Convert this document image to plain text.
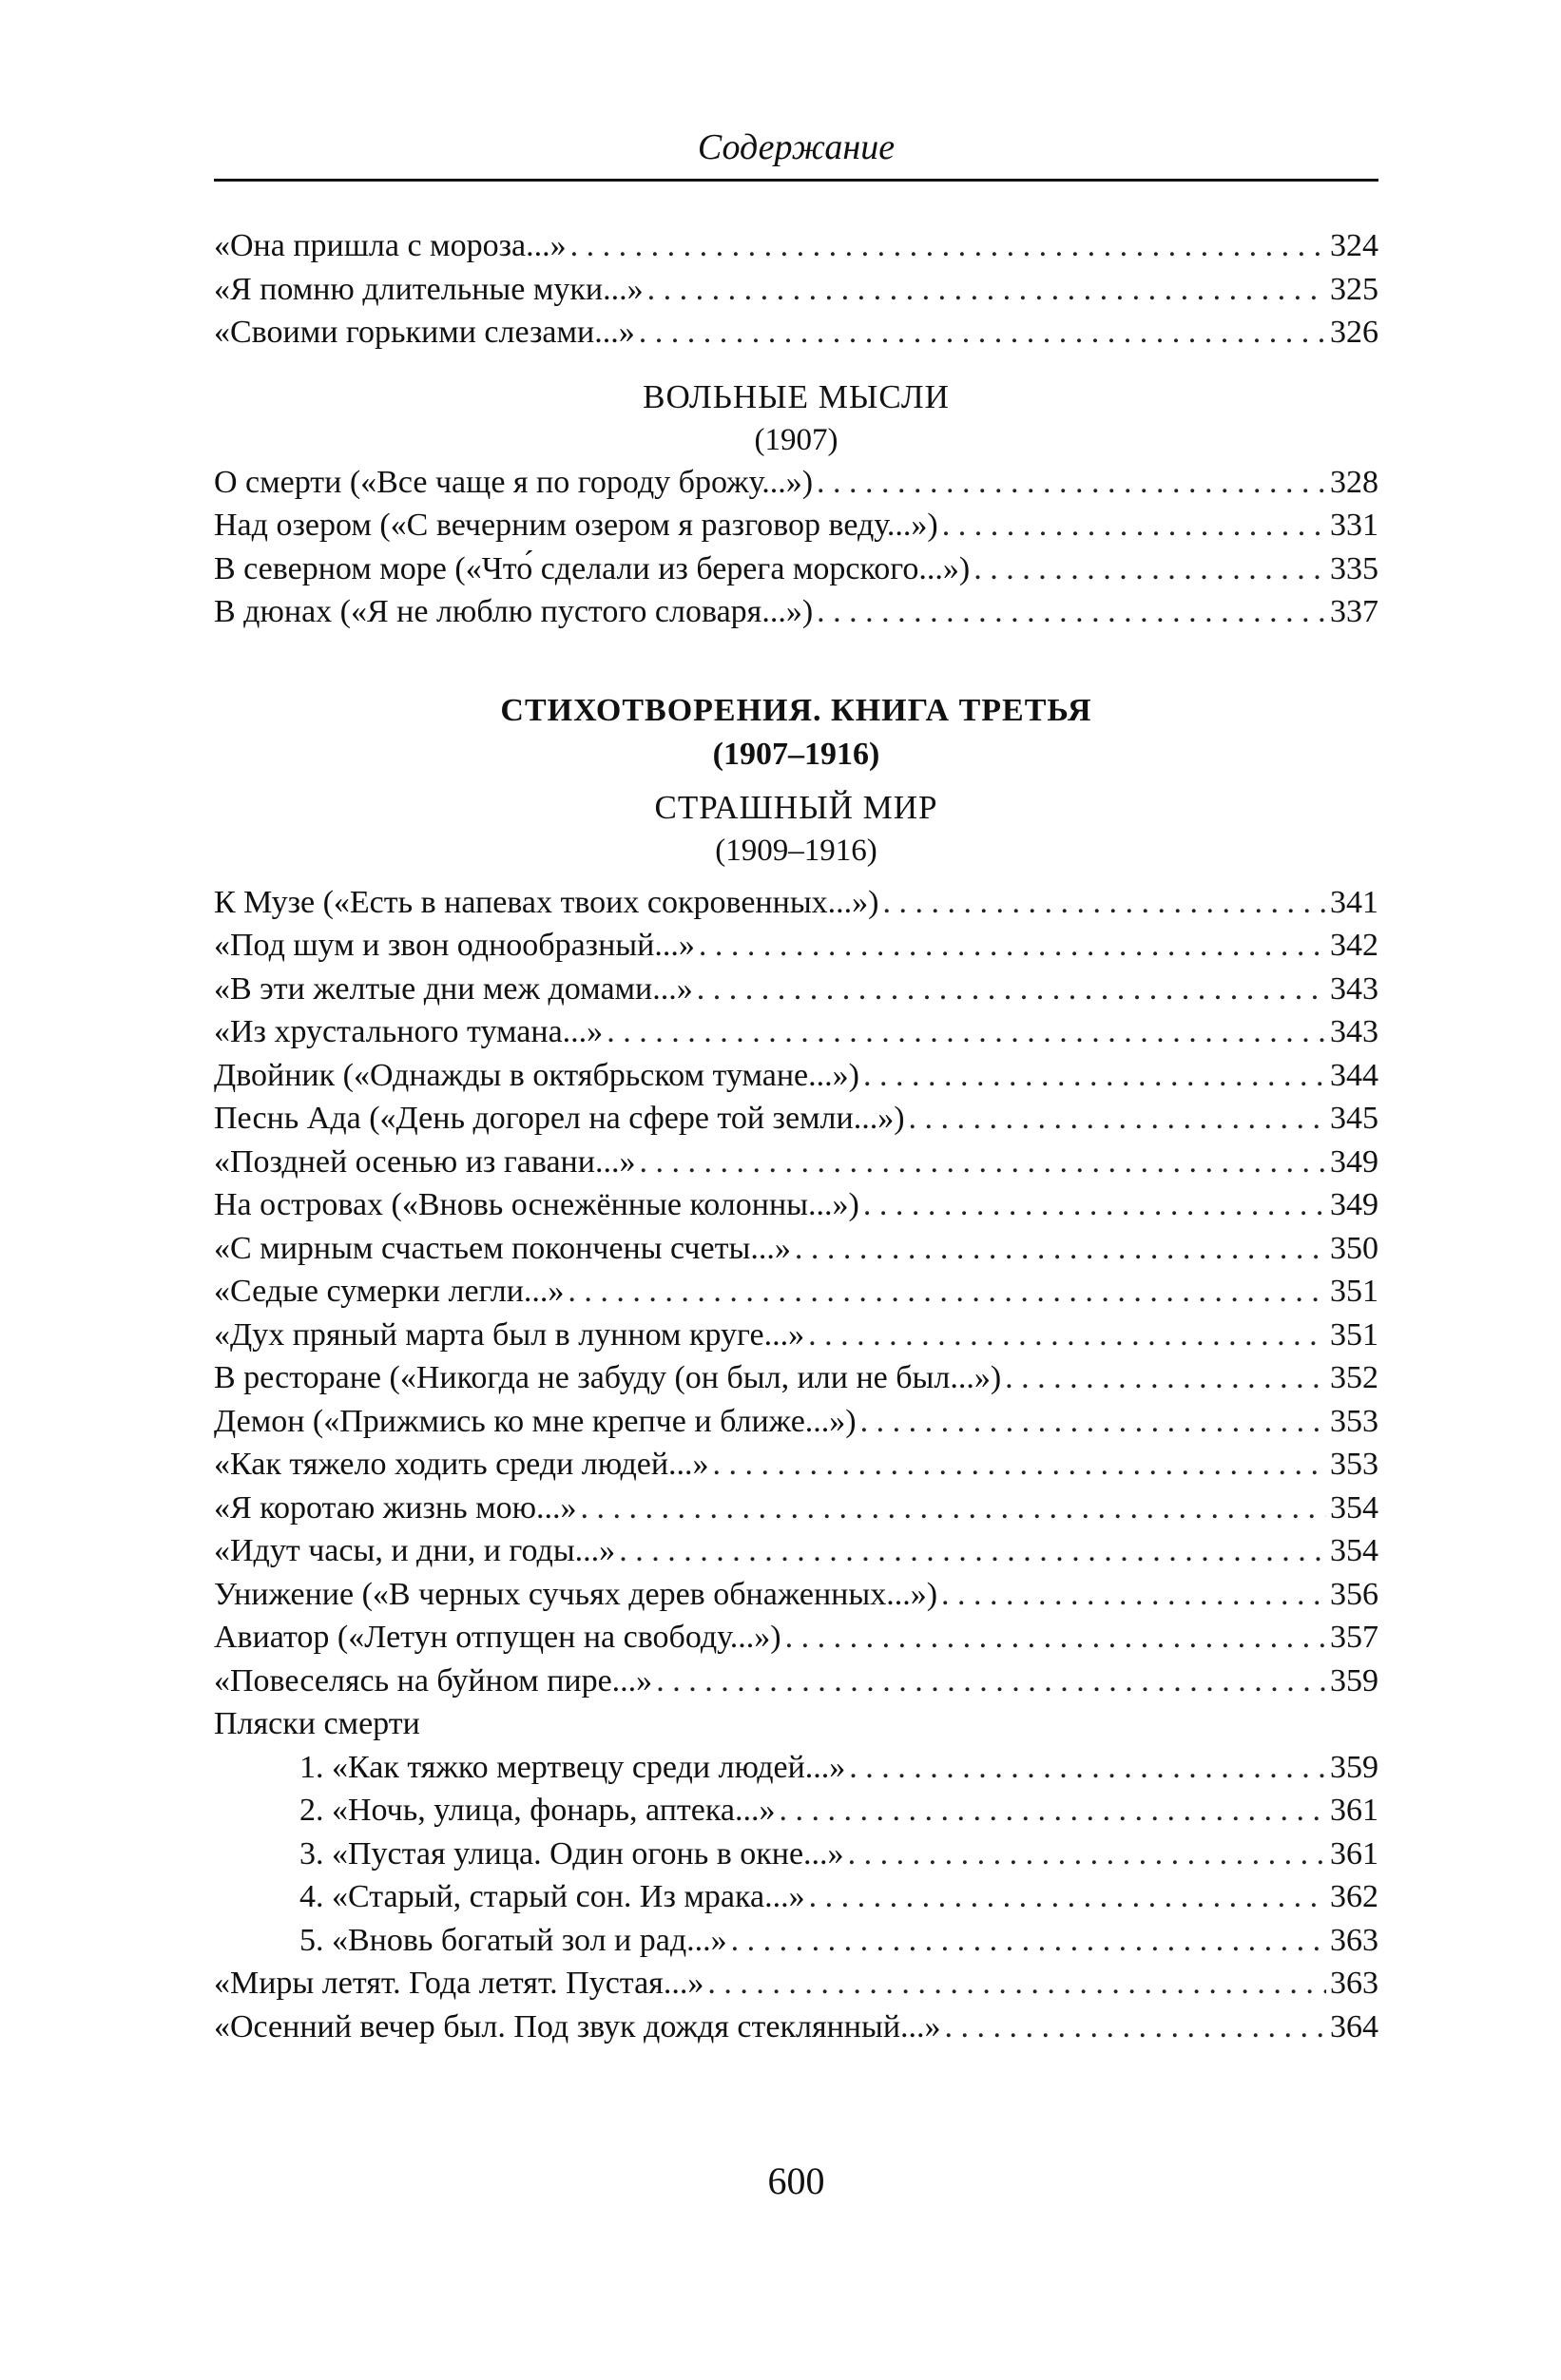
Содержание
«Она пришла с мороза...» . . .	324
«Я помню длительные муки...» . . .	325
«Своими горькими слезами...» . . .	326
ВОЛЬНЫЕ МЫСЛИ
(1907)
О смерти («Все чаще я по городу брожу...») . . .	328
Над озером («С вечерним озером я разговор веду...») . . .	331
В северном море («Что́ сделали из берега морского...») . . .	335
В дюнах («Я не люблю пустого словаря...») . . .	337
СТИХОТВОРЕНИЯ. КНИГА ТРЕТЬЯ
(1907–1916)
СТРАШНЫЙ МИР
(1909–1916)
К Музе («Есть в напевах твоих сокровенных...») . . .	341
«Под шум и звон однообразный...» . . .	342
«В эти желтые дни меж домами...» . . .	343
«Из хрустального тумана...» . . .	343
Двойник («Однажды в октябрьском тумане...») . . .	344
Песнь Ада («День догорел на сфере той земли...») . . .	345
«Поздней осенью из гавани...» . . .	349
На островах («Вновь оснежённые колонны...») . . .	349
«С мирным счастьем покончены счеты...» . . .	350
«Седые сумерки легли...» . . .	351
«Дух пряный марта был в лунном круге...» . . .	351
В ресторане («Никогда не забуду (он был, или не был...») . . .	352
Демон («Прижмись ко мне крепче и ближе...») . . .	353
«Как тяжело ходить среди людей...» . . .	353
«Я коротаю жизнь мою...» . . .	354
«Идут часы, и дни, и годы...» . . .	354
Унижение («В черных сучьях дерев обнаженных...») . . .	356
Авиатор («Летун отпущен на свободу...») . . .	357
«Повеселясь на буйном пире...» . . .	359
Пляски смерти
1. «Как тяжко мертвецу среди людей...» . . .	359
2. «Ночь, улица, фонарь, аптека...» . . .	361
3. «Пустая улица. Один огонь в окне...» . . .	361
4. «Старый, старый сон. Из мрака...» . . .	362
5. «Вновь богатый зол и рад...» . . .	363
«Миры летят. Года летят. Пустая...» . . .	363
«Осенний вечер был. Под звук дождя стеклянный...» . . .	364
600
